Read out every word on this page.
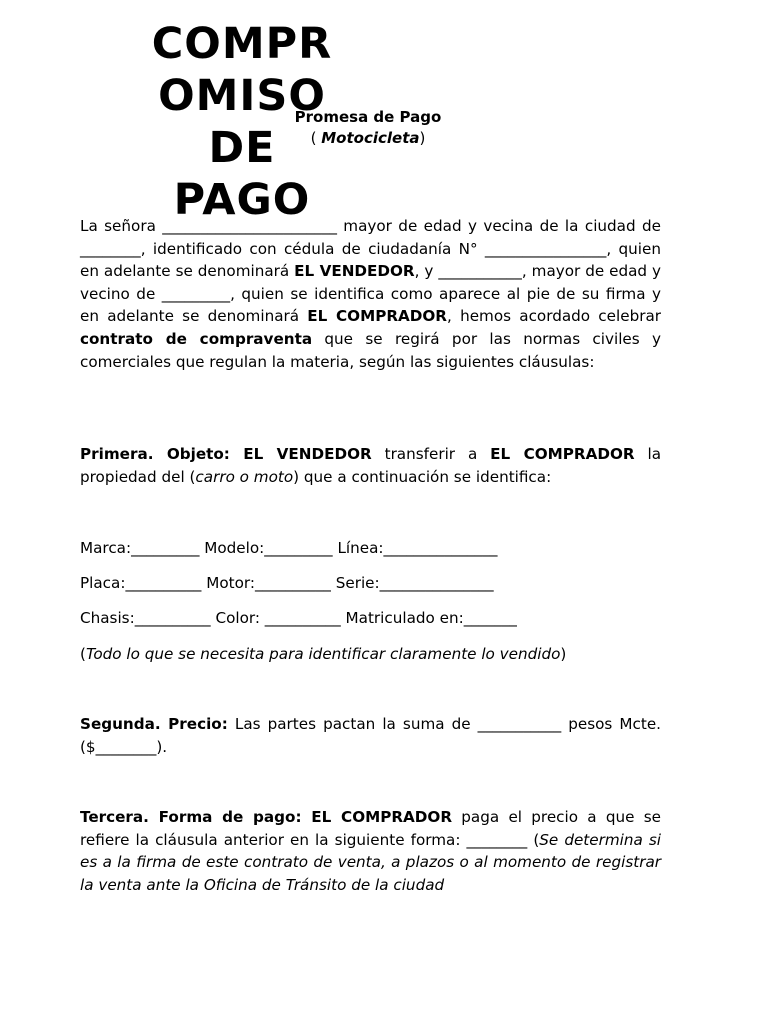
COMPR
OMISO
DE
PAGO
Promesa de Pago
( Motocicleta)

La señora _______________________ mayor de edad y vecina de la ciudad de ________, identificado con cédula de ciudadanía N° ________________, quien en adelante se denominará EL VENDEDOR, y ___________, mayor de edad y vecino de _________, quien se identifica como aparece al pie de su firma y en adelante se denominará EL COMPRADOR, hemos acordado celebrar contrato de compraventa que se regirá por las normas civiles y comerciales que regulan la materia, según las siguientes cláusulas:

Primera. Objeto: EL VENDEDOR transferir a EL COMPRADOR la propiedad del (carro o moto) que a continuación se identifica:

Marca:_________ Modelo:_________ Línea:_______________
Placa:__________ Motor:__________ Serie:_______________
Chasis:__________ Color: __________ Matriculado en:_______
(Todo lo que se necesita para identificar claramente lo vendido)

Segunda. Precio: Las partes pactan la suma de ___________ pesos Mcte. ($________).

Tercera. Forma de pago: EL COMPRADOR paga el precio a que se refiere la cláusula anterior en la siguiente forma: ________ (Se determina si es a la firma de este contrato de venta, a plazos o al momento de registrar la venta ante la Oficina de Tránsito de la ciudad
